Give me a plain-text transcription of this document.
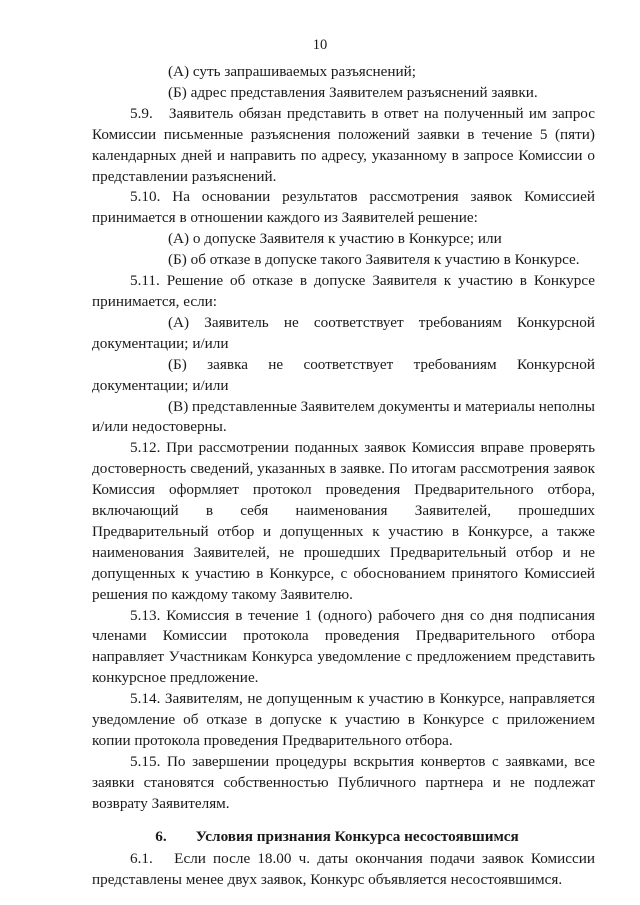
10

(А) суть запрашиваемых разъяснений;

(Б) адрес представления Заявителем разъяснений заявки.

5.9.   Заявитель обязан представить в ответ на полученный им запрос Комиссии письменные разъяснения положений заявки в течение 5 (пяти) календарных дней и направить по адресу, указанному в запросе Комиссии о представлении разъяснений.

5.10. На основании результатов рассмотрения заявок Комиссией принимается в отношении каждого из Заявителей решение:

(А) о допуске Заявителя к участию в Конкурсе; или

(Б) об отказе в допуске такого Заявителя к участию в Конкурсе.

5.11. Решение об отказе в допуске Заявителя к участию в Конкурсе принимается, если:

(А) Заявитель не соответствует требованиям Конкурсной документации; и/или

(Б) заявка не соответствует требованиям Конкурсной документации; и/или

(В) представленные Заявителем документы и материалы неполны и/или недостоверны.

5.12. При рассмотрении поданных заявок Комиссия вправе проверять достоверность сведений, указанных в заявке. По итогам рассмотрения заявок Комиссия оформляет протокол проведения Предварительного отбора, включающий в себя наименования Заявителей, прошедших Предварительный отбор и допущенных к участию в Конкурсе, а также наименования Заявителей, не прошедших Предварительный отбор и не допущенных к участию в Конкурсе, с обоснованием принятого Комиссией решения по каждому такому Заявителю.

5.13. Комиссия в течение 1 (одного) рабочего дня со дня подписания членами Комиссии протокола проведения Предварительного отбора направляет Участникам Конкурса уведомление с предложением представить конкурсное предложение.

5.14. Заявителям, не допущенным к участию в Конкурсе, направляется уведомление об отказе в допуске к участию в Конкурсе с приложением копии протокола проведения Предварительного отбора.

5.15. По завершении процедуры вскрытия конвертов с заявками, все заявки становятся собственностью Публичного партнера и не подлежат возврату Заявителям.

6. Условия признания Конкурса несостоявшимся

6.1.   Если после 18.00 ч. даты окончания подачи заявок Комиссии представлены менее двух заявок, Конкурс объявляется несостоявшимся.
